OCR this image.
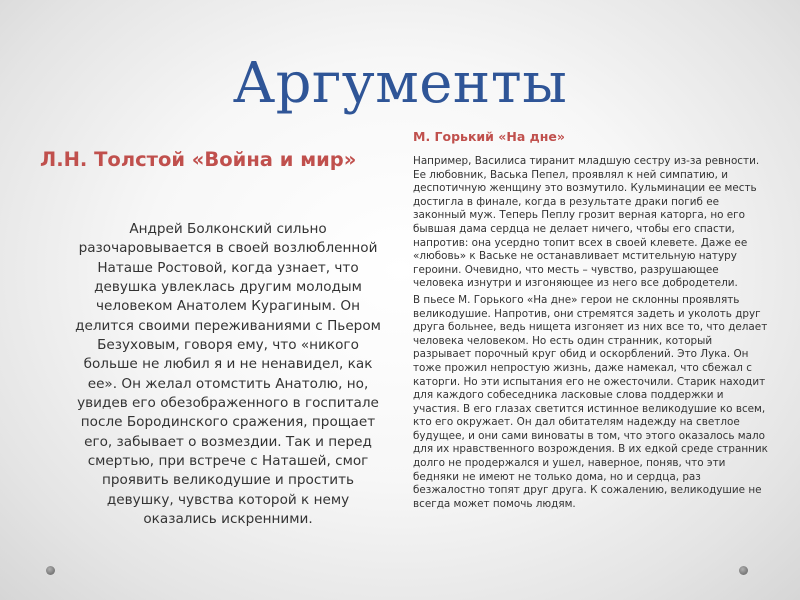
Аргументы
Л.Н. Толстой «Война и мир»

Андрей Болконский сильно разочаровывается в своей возлюбленной Наташе Ростовой, когда узнает, что девушка увлеклась другим молодым человеком Анатолем Курагиным. Он делится своими переживаниями с Пьером Безуховым, говоря ему, что «никого больше не любил я и не ненавидел, как ее». Он желал отомстить Анатолю, но, увидев его обезображенного в госпитале после Бородинского сражения, прощает его, забывает о возмездии. Так и перед смертью, при встрече с Наташей, смог проявить великодушие и простить девушку, чувства которой к нему оказались искренними.

М. Горький «На дне»

Например, Василиса тиранит младшую сестру из-за ревности. Ее любовник, Васька Пепел, проявлял к ней симпатию, и деспотичную женщину это возмутило. Кульминации ее месть достигла в финале, когда в результате драки погиб ее законный муж. Теперь Пеплу грозит верная каторга, но его бывшая дама сердца не делает ничего, чтобы его спасти, напротив: она усердно топит всех в своей клевете. Даже ее «любовь» к Ваське не останавливает мстительную натуру героини. Очевидно, что месть – чувство, разрушающее человека изнутри и изгоняющее из него все добродетели.

В пьесе М. Горького «На дне» герои не склонны проявлять великодушие. Напротив, они стремятся задеть и уколоть друг друга больнее, ведь нищета изгоняет из них все то, что делает человека человеком. Но есть один странник, который разрывает порочный круг обид и оскорблений. Это Лука. Он тоже прожил непростую жизнь, даже намекал, что сбежал с каторги. Но эти испытания его не ожесточили. Старик находит для каждого собеседника ласковые слова поддержки и участия. В его глазах светится истинное великодушие ко всем, кто его окружает. Он дал обитателям надежду на светлое будущее, и они сами виноваты в том, что этого оказалось мало для их нравственного возрождения. В их едкой среде странник долго не продержался и ушел, наверное, поняв, что эти бедняки не имеют не только дома, но и сердца, раз безжалостно топят друг друга. К сожалению, великодушие не всегда может помочь людям.
